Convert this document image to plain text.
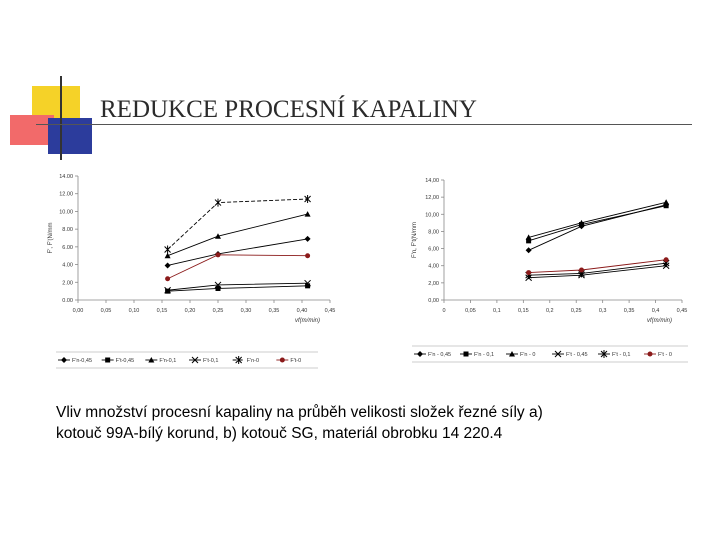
REDUKCE PROCESNÍ KAPALINY
0.00
2.00
4.00
6.00
8.00
10.00
12.00
14.00
0,00	0,05	0,10	0,15	0,20	0,25	0,30	0,35	0,40	0,45
vf(m/min)
F', F'(N/mm
F'n-0,45	F't-0,45	F'n-0,1	F't-0,1	F'n-0	F't-0
0,00
2,00
4,00
6,00
8,00
10,00
12,00
14,00
0	0,05	0,1	0,15	0,2	0,25	0,3	0,35	0,4	0,45
vf(m/min)
F'n, F't(N/mm
F'n - 0,45	F'n - 0,1	F'n - 0	F't - 0,45	F't - 0,1	F't - 0
Vliv množství procesní kapaliny na průběh velikosti složek řezné síly a)
kotouč 99A-bílý korund, b) kotouč SG, materiál obrobku 14 220.4
